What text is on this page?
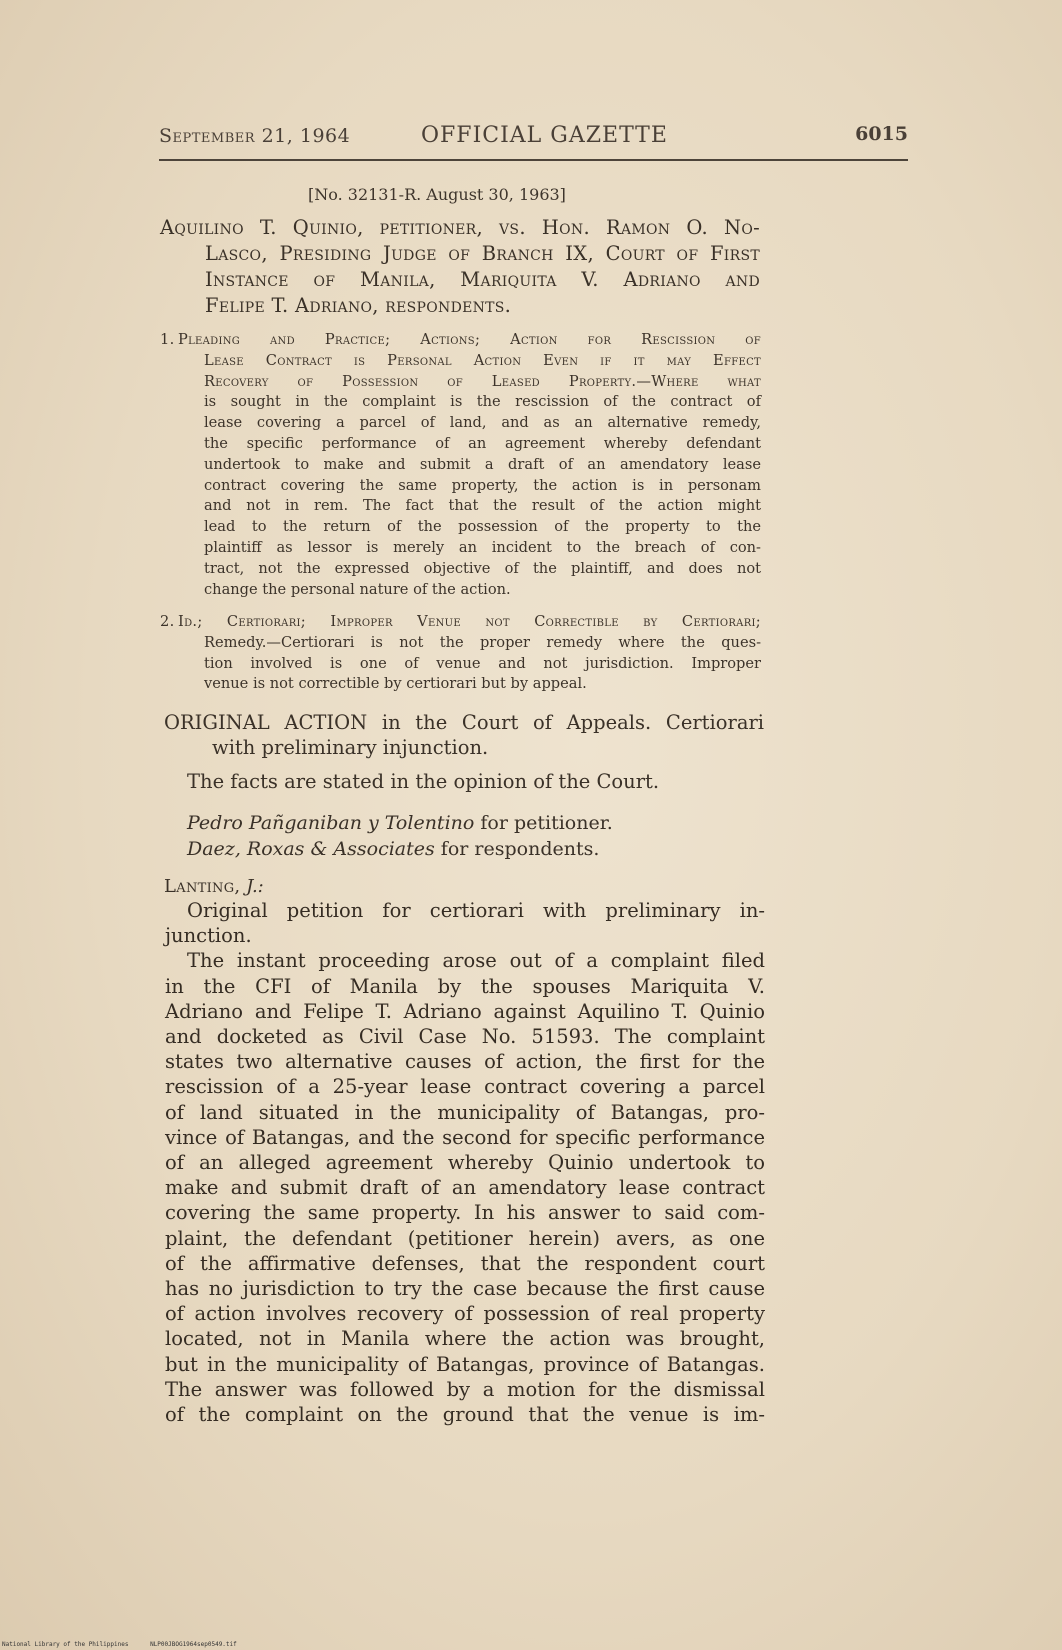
September 21, 1964	OFFICIAL GAZETTE	6015
[No. 32131-R. August 30, 1963]
Aquilino T. Quinio, petitioner, vs. Hon. Ramon O. No-
Lasco, Presiding Judge of Branch IX, Court of First
Instance of Manila, Mariquita V. Adriano and
Felipe T. Adriano, respondents.
1. Pleading and Practice; Actions; Action for Rescission of
Lease Contract is Personal Action Even if it may Effect
Recovery of Possession of Leased Property.—Where what
is sought in the complaint is the rescission of the contract of
lease covering a parcel of land, and as an alternative remedy,
the specific performance of an agreement whereby defendant
undertook to make and submit a draft of an amendatory lease
contract covering the same property, the action is in personam
and not in rem. The fact that the result of the action might
lead to the return of the possession of the property to the
plaintiff as lessor is merely an incident to the breach of con-
tract, not the expressed objective of the plaintiff, and does not
change the personal nature of the action.
2. Id.; Certiorari; Improper Venue not Correctible by Certiorari;
Remedy.—Certiorari is not the proper remedy where the ques-
tion involved is one of venue and not jurisdiction. Improper
venue is not correctible by certiorari but by appeal.
ORIGINAL ACTION in the Court of Appeals. Certiorari
with preliminary injunction.
The facts are stated in the opinion of the Court.
Pedro Pañganiban y Tolentino for petitioner.
Daez, Roxas & Associates for respondents.
Lanting, J.:
Original petition for certiorari with preliminary in-
junction.
The instant proceeding arose out of a complaint filed
in the CFI of Manila by the spouses Mariquita V.
Adriano and Felipe T. Adriano against Aquilino T. Quinio
and docketed as Civil Case No. 51593. The complaint
states two alternative causes of action, the first for the
rescission of a 25-year lease contract covering a parcel
of land situated in the municipality of Batangas, pro-
vince of Batangas, and the second for specific performance
of an alleged agreement whereby Quinio undertook to
make and submit draft of an amendatory lease contract
covering the same property. In his answer to said com-
plaint, the defendant (petitioner herein) avers, as one
of the affirmative defenses, that the respondent court
has no jurisdiction to try the case because the first cause
of action involves recovery of possession of real property
located, not in Manila where the action was brought,
but in the municipality of Batangas, province of Batangas.
The answer was followed by a motion for the dismissal
of the complaint on the ground that the venue is im-
National Library of the Philippines	NLP00JBOG1964sep0549.tif
